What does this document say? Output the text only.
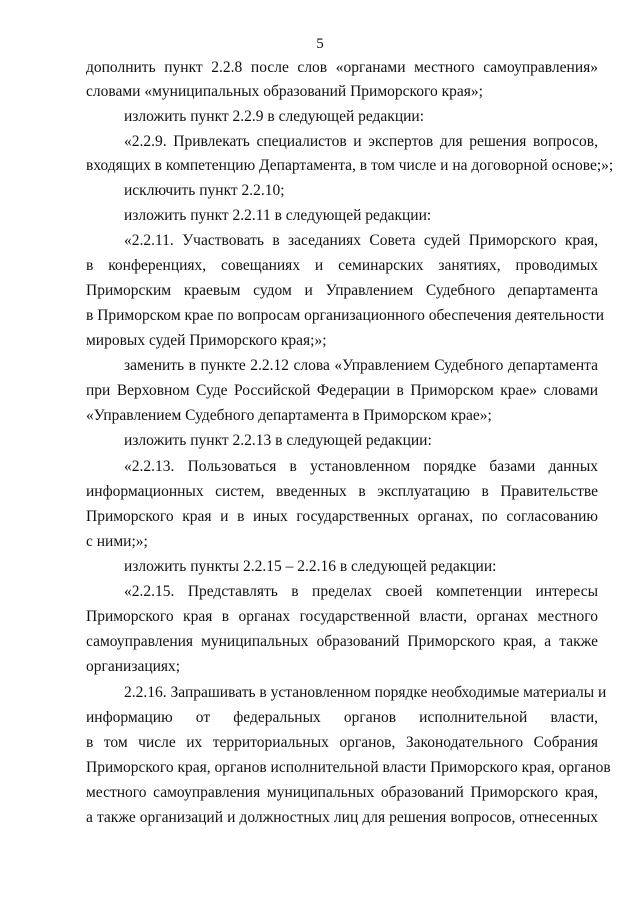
5
дополнить пункт 2.2.8 после слов «органами местного самоуправления»
словами «муниципальных образований Приморского края»;
изложить пункт 2.2.9 в следующей редакции:
«2.2.9. Привлекать специалистов и экспертов для решения вопросов,
входящих в компетенцию Департамента, в том числе и на договорной основе;»;
исключить пункт 2.2.10;
изложить пункт 2.2.11 в следующей редакции:
«2.2.11. Участвовать в заседаниях Совета судей Приморского края,
в конференциях, совещаниях и семинарских занятиях, проводимых
Приморским краевым судом и Управлением Судебного департамента
в Приморском крае по вопросам организационного обеспечения деятельности
мировых судей Приморского края;»;
заменить в пункте 2.2.12 слова «Управлением Судебного департамента
при Верховном Суде Российской Федерации в Приморском крае» словами
«Управлением Судебного департамента в Приморском крае»;
изложить пункт 2.2.13 в следующей редакции:
«2.2.13. Пользоваться в установленном порядке базами данных
информационных систем, введенных в эксплуатацию в Правительстве
Приморского края и в иных государственных органах, по согласованию
с ними;»;
изложить пункты 2.2.15 – 2.2.16 в следующей редакции:
«2.2.15. Представлять в пределах своей компетенции интересы
Приморского края в органах государственной власти, органах местного
самоуправления муниципальных образований Приморского края, а также
организациях;
2.2.16. Запрашивать в установленном порядке необходимые материалы и
информацию от федеральных органов исполнительной власти,
в том числе их территориальных органов, Законодательного Собрания
Приморского края, органов исполнительной власти Приморского края, органов
местного самоуправления муниципальных образований Приморского края,
а также организаций и должностных лиц для решения вопросов, отнесенных
